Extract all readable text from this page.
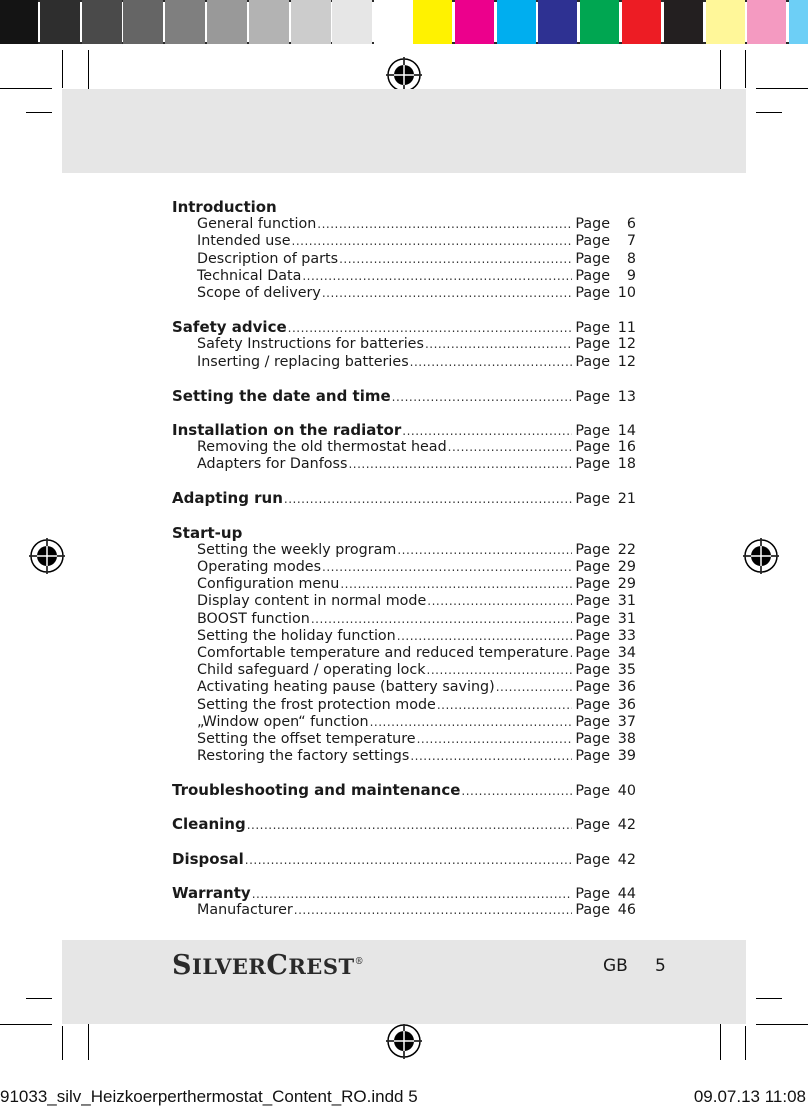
Introduction
General function .....	Page	6
Intended use .....	Page	7
Description of parts .....	Page	8
Technical Data .....	Page	9
Scope of delivery .....	Page 10
Safety advice .....	Page 11
Safety Instructions for batteries .....	Page 12
Inserting / replacing batteries .....	Page 12
Setting the date and time .....	Page 13
Installation on the radiator .....	Page 14
Removing the old thermostat head .....	Page 16
Adapters for Danfoss .....	Page 18
Adapting run .....	Page 21
Start-up
Setting the weekly program .....	Page 22
Operating modes .....	Page 29
Configuration menu .....	Page 29
Display content in normal mode .....	Page 31
BOOST function .....	Page 31
Setting the holiday function .....	Page 33
Comfortable temperature and reduced temperature ..... Page 34
Child safeguard / operating lock .....	Page 35
Activating heating pause (battery saving) .....	Page 36
Setting the frost protection mode .....	Page 36
„Window open“ function .....	Page 37
Setting the offset temperature .....	Page 38
Restoring the factory settings .....	Page 39
Troubleshooting and maintenance .....	Page 40
Cleaning .....	Page 42
Disposal .....	Page 42
Warranty .....	Page 44
Manufacturer .....	Page 46
SILVERCREST®	GB 5
91033_silv_Heizkoerperthermostat_Content_RO.indd 5	09.07.13 11:08
